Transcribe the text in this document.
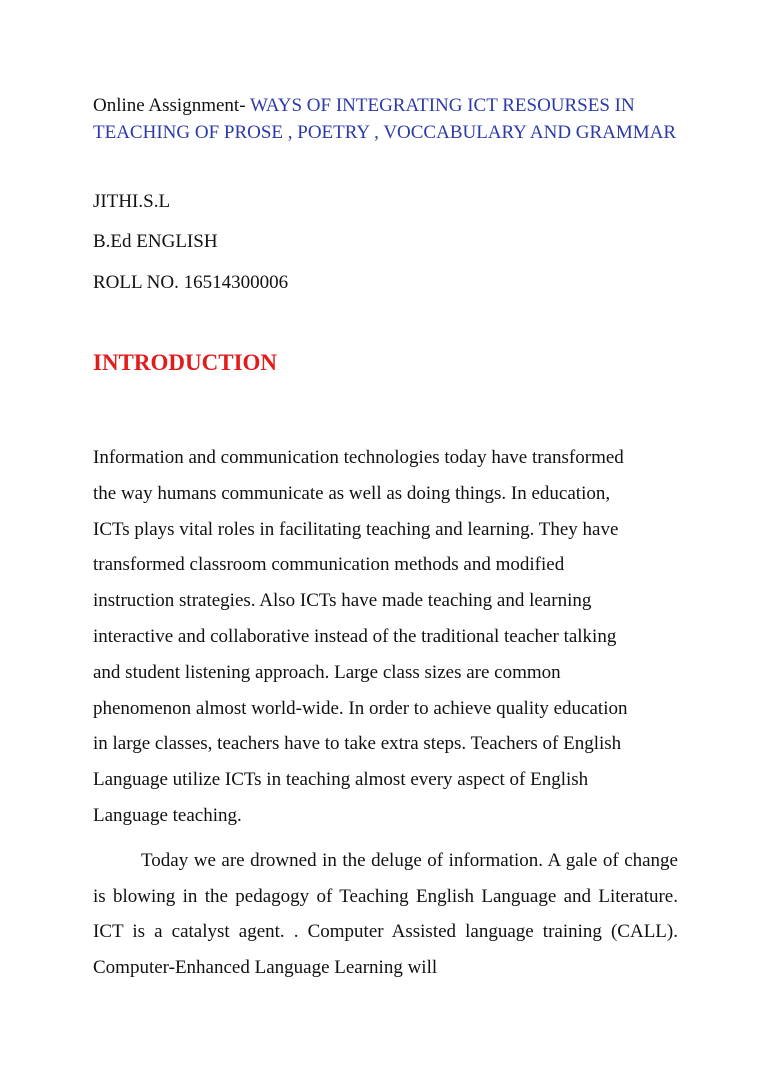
Online Assignment- WAYS OF INTEGRATING ICT RESOURSES IN TEACHING OF PROSE , POETRY , VOCCABULARY AND GRAMMAR
JITHI.S.L
B.Ed ENGLISH
ROLL NO. 16514300006
INTRODUCTION
Information and communication technologies today have transformed
the way humans communicate as well as doing things. In education,
ICTs plays vital roles in facilitating teaching and learning. They have
transformed classroom communication methods and modified
instruction strategies. Also ICTs have made teaching and learning
interactive and collaborative instead of the traditional teacher talking
and student listening approach. Large class sizes are common
phenomenon almost world-wide. In order to achieve quality education
in large classes, teachers have to take extra steps. Teachers of English
Language utilize ICTs in teaching almost every aspect of English
Language teaching.
Today we are drowned in the deluge of information. A gale of change is blowing in the pedagogy of Teaching English Language and Literature. ICT is a catalyst agent. . Computer Assisted language training (CALL). Computer-Enhanced Language Learning will
